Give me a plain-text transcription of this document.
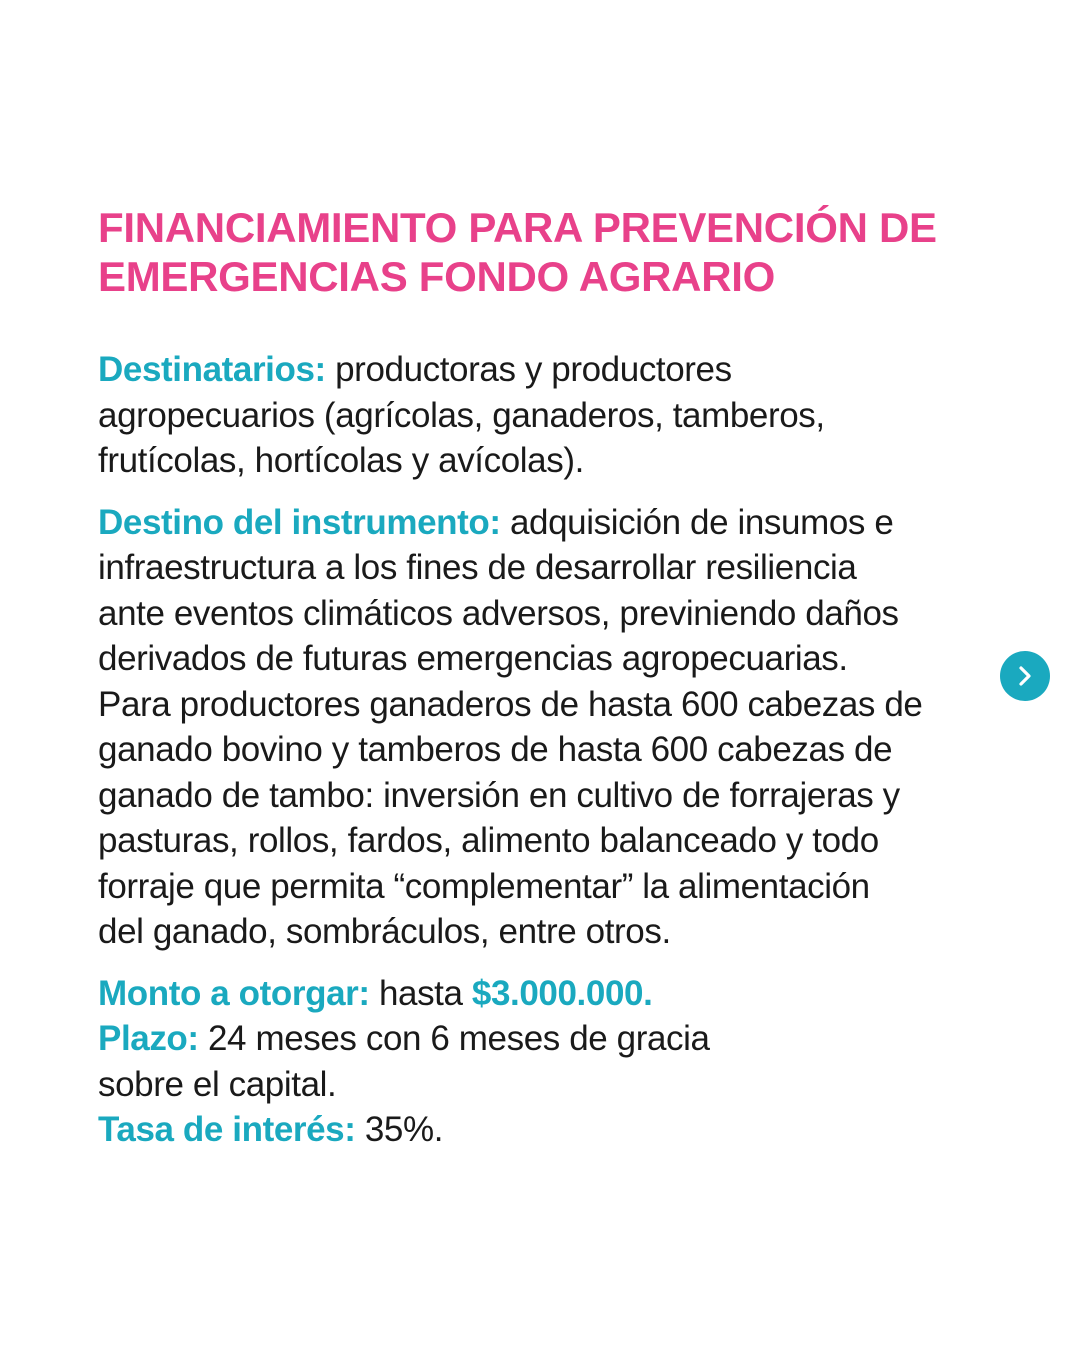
FINANCIAMIENTO PARA PREVENCIÓN DE
EMERGENCIAS FONDO AGRARIO

Destinatarios: productoras y productores
agropecuarios (agrícolas, ganaderos, tamberos,
frutícolas, hortícolas y avícolas).

Destino del instrumento: adquisición de insumos e
infraestructura a los fines de desarrollar resiliencia
ante eventos climáticos adversos, previniendo daños
derivados de futuras emergencias agropecuarias.
Para productores ganaderos de hasta 600 cabezas de
ganado bovino y tamberos de hasta 600 cabezas de
ganado de tambo: inversión en cultivo de forrajeras y
pasturas, rollos, fardos, alimento balanceado y todo
forraje que permita “complementar” la alimentación
del ganado, sombráculos, entre otros.

Monto a otorgar: hasta $3.000.000.
Plazo: 24 meses con 6 meses de gracia
sobre el capital.
Tasa de interés: 35%.
